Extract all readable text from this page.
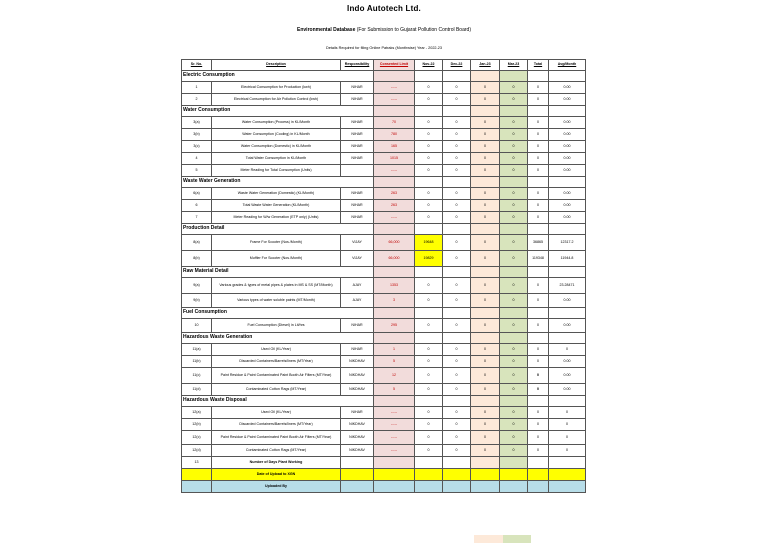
Indo Autotech Ltd.
Environmental Database (For Submission to Gujarat Pollution Control Board)
Details Required for filing Online Patraks (Monthwise) Year - 2022-23
Sr. No.	Description	Responsibility	Consented Limit	Nov-22	Dec-22	Jan-23	Mar-23	Total	Avg/Month
Electric Consumption									
1	Electrical Consumption for Production (kwh)	NIHAR	-----	0	0	0	0	0	0.00
2	Electrical Consumption for Air Pollution Control (kwh)	NIHAR	-----	0	0	0	0	0	0.00
Water Consumption									
3(a)	Water Consumption (Process) in KL/Month	NIHAR	70	0	0	0	0	0	0.00
3(b)	Water Consumption (Cooling) in KL/Month	NIHAR	780	0	0	0	0	0	0.00
3(c)	Water Consumption (Domestic) in KL/Month	NIHAR	165	0	0	0	0	0	0.00
4	Total Water Consumption in KL/Month	NIHAR	1015	0	0	0	0	0	0.00
5	Meter Reading for Total Consumption (Units)		-----	0	0	0	0	0	0.00
Waste Water Generation									
6(a)	Waste Water Generation (Domestic) (KL/Month)	NIHAR	263	0	0	0	0	0	0.00
6	Total Waste Water Generation (KL/Month)	NIHAR	263	0	0	0	0	0	0.00
7	Meter Reading for W/w Generation (ETP only) (Units)	NIHAR	-----	0	0	0	0	0	0.00
Production Detail									
8(a)	Frame For Scooter (Nos./Month)	VIJAY	66,000	19648	0	0	0	36865	12317.2
8(b)	Muffler For Scooter (Nos./Month)	VIJAY	66,000	19829	0	0	0	119348	11944.8
Raw Material Detail									
9(a)	Various grades & types of metal pipes & plates in MS & SS (MT/Month)	AJAY	1353	0	0	0	0	0	23.28471
9(b)	Various types of water soluble paints (MT/Month)	AJAY	3	0	0	0	0	0	0.00
Fuel Consumption									
10	Fuel Consumption (Diesel) in Lit/hrs	NIHAR	295	0	0	0	0	0	0.00
Hazardous Waste Generation									
11(a)	Used Oil (KL/Year)	NIHAR	1	0	0	0	0	0	0
11(b)	Discarded Containers/Barrels/liners (MT/Year)	NIKDHAV	5	0	0	0	0	0	0.00
11(c)	Paint Residue & Paint Contaminated Paint Booth Air Filters (MT/Year)	NIKDHAV	12	0	0	0	0	0	0.00
11(d)	Contaminated Cotton Rags (MT/Year)	NIKDHAV	5	0	0	0	0	0	0.00
Hazardous Waste Disposal									
12(a)	Used Oil (KL/Year)	NIHAR	-----	0	0	0	0	0	0
12(b)	Discarded Containers/Barrels/liners (MT/Year)	NIKDHAV	-----	0	0	0	0	0	0
12(c)	Paint Residue & Paint Contaminated Paint Booth Air Filters (MT/Year)	NIKDHAV	-----	0	0	0	0	0	0
12(d)	Contaminated Cotton Rags (MT/Year)	NIKDHAV	-----	0	0	0	0	0	0
13	Number of Days Plant Working								
	Date of Upload to XGN								
	Uploaded By								
